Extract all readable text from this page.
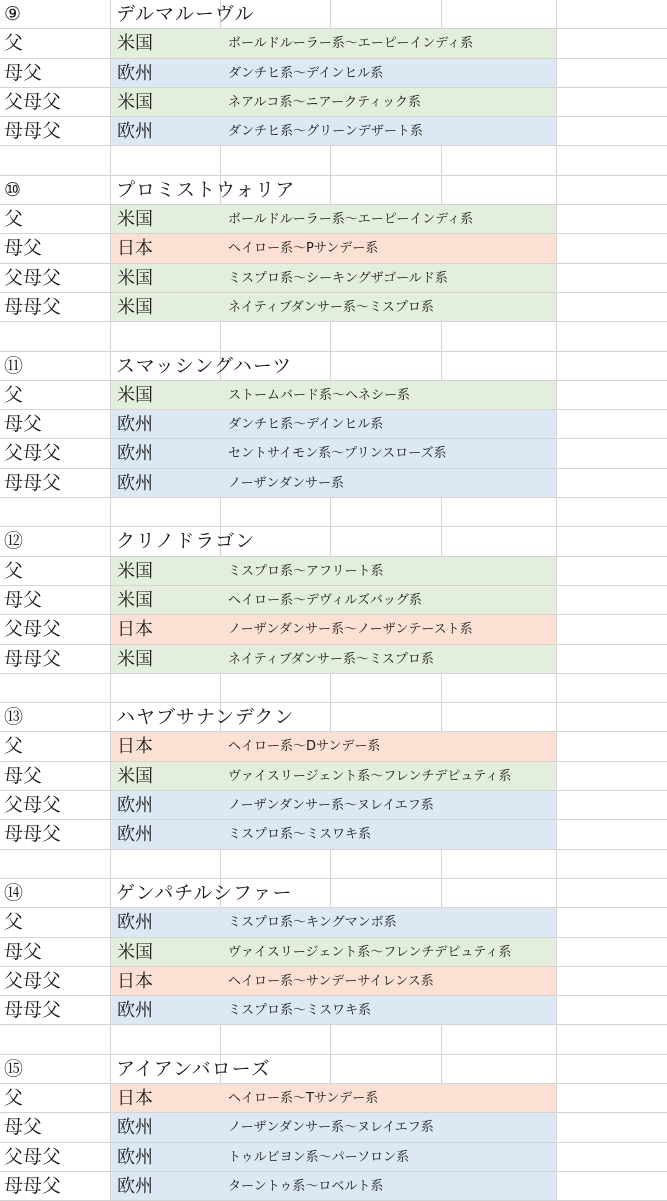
⑨	デルマルーヴル
父	米国	ボールドルーラー系～エーピーインディ系
母父	欧州	ダンチヒ系～デインヒル系
父母父	米国	ネアルコ系～ニアークティック系
母母父	欧州	ダンチヒ系～グリーンデザート系
⑩	プロミストウォリア
父	米国	ボールドルーラー系～エーピーインディ系
母父	日本	ヘイロー系～Pサンデー系
父母父	米国	ミスプロ系～シーキングザゴールド系
母母父	米国	ネイティブダンサー系～ミスプロ系
⑪	スマッシングハーツ
父	米国	ストームバード系～ヘネシー系
母父	欧州	ダンチヒ系～デインヒル系
父母父	欧州	セントサイモン系～プリンスローズ系
母母父	欧州	ノーザンダンサー系
⑫	クリノドラゴン
父	米国	ミスプロ系～アフリート系
母父	米国	ヘイロー系～デヴィルズバッグ系
父母父	日本	ノーザンダンサー系～ノーザンテースト系
母母父	米国	ネイティブダンサー系～ミスプロ系
⑬	ハヤブサナンデクン
父	日本	ヘイロー系～Dサンデー系
母父	米国	ヴァイスリージェント系～フレンチデピュティ系
父母父	欧州	ノーザンダンサー系～ヌレイエフ系
母母父	欧州	ミスプロ系～ミスワキ系
⑭	ゲンパチルシファー
父	欧州	ミスプロ系～キングマンボ系
母父	米国	ヴァイスリージェント系～フレンチデピュティ系
父母父	日本	ヘイロー系～サンデーサイレンス系
母母父	欧州	ミスプロ系～ミスワキ系
⑮	アイアンバローズ
父	日本	ヘイロー系～Tサンデー系
母父	欧州	ノーザンダンサー系～ヌレイエフ系
父母父	欧州	トゥルビヨン系～パーソロン系
母母父	欧州	ターントゥ系～ロベルト系
